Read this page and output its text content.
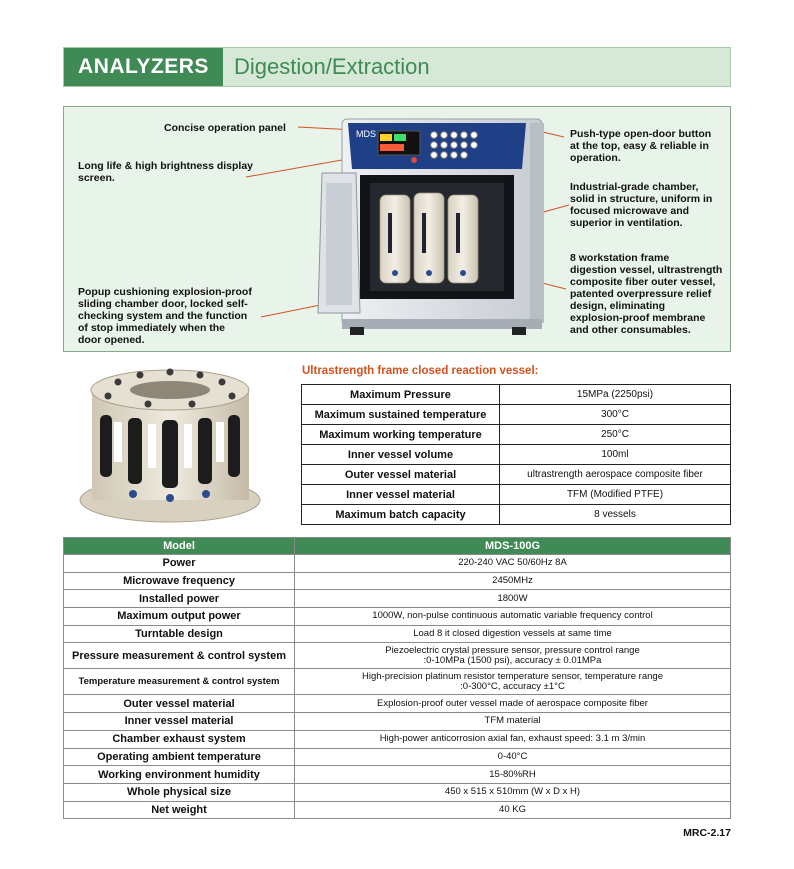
ANALYZERS	Digestion/Extraction
MDS
Concise operation panel
Long life & high brightness display
screen.
Popup cushioning explosion-proof
sliding chamber door, locked self-
checking system and the function
of stop immediately when the
door opened.
Push-type open-door button
at the top, easy & reliable in
operation.
Industrial-grade chamber,
solid in structure, uniform in
focused microwave and
superior in ventilation.
8 workstation frame
digestion vessel, ultrastrength
composite fiber outer vessel,
patented overpressure relief
design, eliminating
explosion-proof membrane
and other consumables.
Ultrastrength frame closed reaction vessel:
Maximum Pressure	15MPa (2250psi)
Maximum sustained temperature	300°C
Maximum working temperature	250°C
Inner vessel volume	100ml
Outer vessel material	ultrastrength aerospace composite fiber
Inner vessel material	TFM (Modified PTFE)
Maximum batch capacity	8 vessels
Model	MDS-100G
Power	220-240 VAC 50/60Hz 8A
Microwave frequency	2450MHz
Installed power	1800W
Maximum output power	1000W, non-pulse continuous automatic variable frequency control
Turntable design	Load 8 it closed digestion vessels at same time
Pressure measurement & control system	Piezoelectric crystal pressure sensor, pressure control range
:0-10MPa (1500 psi), accuracy ± 0.01MPa
Temperature measurement & control system	High-precision platinum resistor temperature sensor, temperature range
:0-300°C, accuracy ±1°C
Outer vessel material	Explosion-proof outer vessel made of aerospace composite fiber
Inner vessel material	TFM material
Chamber exhaust system	High-power anticorrosion axial fan, exhaust speed: 3.1 m 3/min
Operating ambient temperature	0-40°C
Working environment humidity	15-80%RH
Whole physical size	450 x 515 x 510mm (W x D x H)
Net weight	40 KG
MRC-2.17
